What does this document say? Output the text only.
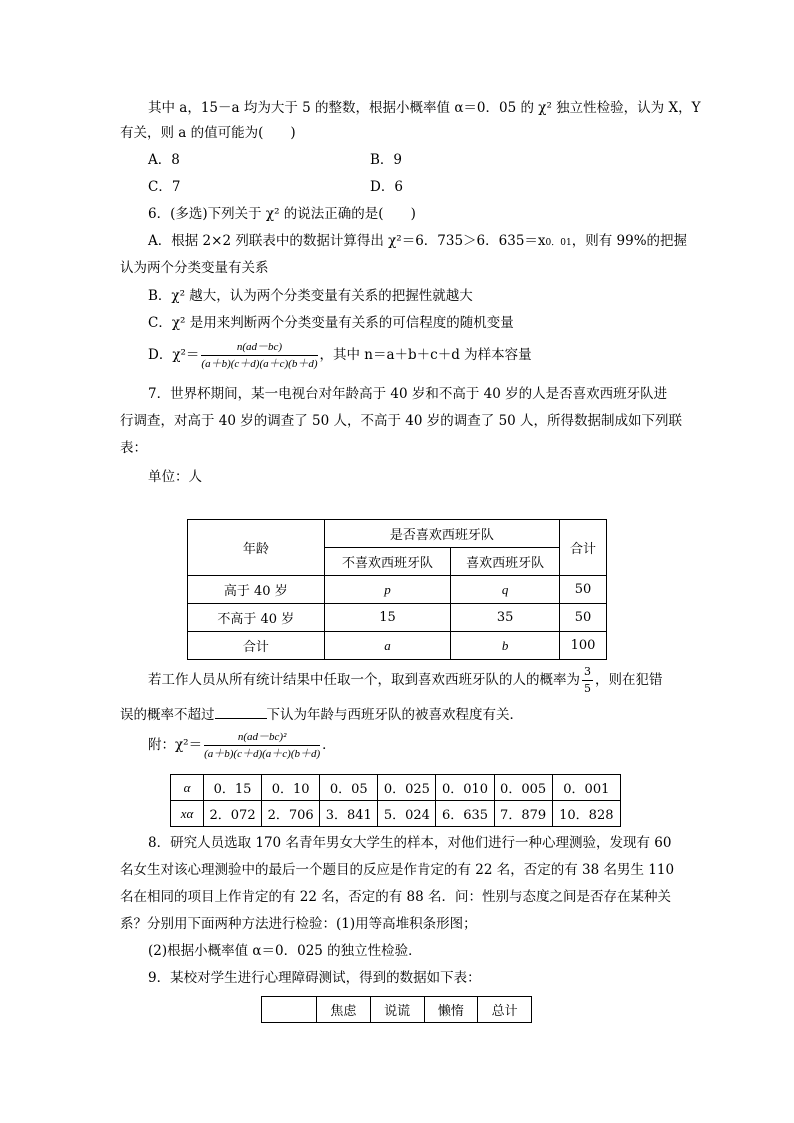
其中 a，15－a 均为大于 5 的整数，根据小概率值 α＝0．05 的 χ² 独立性检验，认为 X，Y
有关，则 a 的值可能为(　　)
A．8	B．9
C．7	D．6
6．(多选)下列关于 χ² 的说法正确的是(　　)
A．根据 2×2 列联表中的数据计算得出 χ²＝6．735＞6．635＝x0．01，则有 99%的把握
认为两个分类变量有关系
B．χ² 越大，认为两个分类变量有关系的把握性就越大
C．χ² 是用来判断两个分类变量有关系的可信程度的随机变量
D．$\chi^2= \frac{n(ad-bc)}{(a+b)(c+d)(a+c)(b+d)}$ ，其中 n＝a＋b＋c＋d 为样本容量
7．世界杯期间，某一电视台对年龄高于 40 岁和不高于 40 岁的人是否喜欢西班牙队进
行调查，对高于 40 岁的调查了 50 人，不高于 40 岁的调查了 50 人，所得数据制成如下列联
表：
单位：人
年龄	是否喜欢西班牙队		合计
	不喜欢西班牙队	喜欢西班牙队	
高于 40 岁	p	q	50
不高于 40 岁	15	35	50
合计	a	b	100
若工作人员从所有统计结果中任取一个，取到喜欢西班牙队的人的概率为 $\frac{3}{5}$ ，则在犯错
误的概率不超过	下认为年龄与西班牙队的被喜欢程度有关．
附：$\chi^2= \frac{\text{n(ad－bc)²}}{(a+b)(c+d)(a+c)(b+d)}$ ．
α	0．15	0．10	0．05	0．025	0．010	0．005	0．001
xα	2．072	2．706	3．841	5．024	6．635	7．879	10．828
8．研究人员选取 170 名青年男女大学生的样本，对他们进行一种心理测验，发现有 60
名女生对该心理测验中的最后一个题目的反应是作肯定的有 22 名，否定的有 38 名男生 110
名在相同的项目上作肯定的有 22 名，否定的有 88 名．问：性别与态度之间是否存在某种关
系？分别用下面两种方法进行检验：(1)用等高堆积条形图；
(2)根据小概率值 α＝0．025 的独立性检验．
9．某校对学生进行心理障碍测试，得到的数据如下表：
	焦虑	说谎	懒惰	总计
